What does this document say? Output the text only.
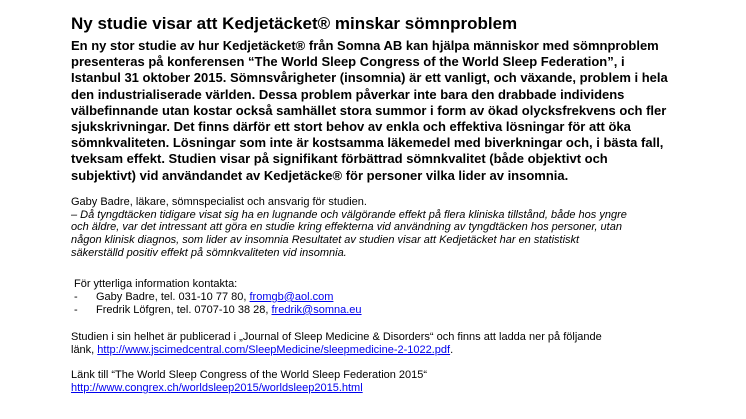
Ny studie visar att Kedjetäcket® minskar sömnproblem
En ny stor studie av hur Kedjetäcket® från Somna AB kan hjälpa människor med sömnproblem
presenteras på konferensen “The World Sleep Congress of the World Sleep Federation”, i
Istanbul 31 oktober 2015. Sömnsvårigheter (insomnia) är ett vanligt, och växande, problem i hela
den industrialiserade världen. Dessa problem påverkar inte bara den drabbade individens
välbefinnande utan kostar också samhället stora summor i form av ökad olycksfrekvens och fler
sjukskrivningar. Det finns därför ett stort behov av enkla och effektiva lösningar för att öka
sömnkvaliteten. Lösningar som inte är kostsamma läkemedel med biverkningar och, i bästa fall,
tveksam effekt. Studien visar på signifikant förbättrad sömnkvalitet (både objektivt och
subjektivt) vid användandet av Kedjetäcke® för personer vilka lider av insomnia.
Gaby Badre, läkare, sömnspecialist och ansvarig för studien.
– Då tyngdtäcken tidigare visat sig ha en lugnande och välgörande effekt på flera kliniska tillstånd, både hos yngre
och äldre, var det intressant att göra en studie kring effekterna vid användning av tyngdtäcken hos personer, utan
någon klinisk diagnos, som lider av insomnia Resultatet av studien visar att Kedjetäcket har en statistiskt
säkerställd positiv effekt på sömnkvaliteten vid insomnia.
För ytterliga information kontakta:
- Gaby Badre, tel. 031-10 77 80, fromgb@aol.com
- Fredrik Löfgren, tel. 0707-10 38 28, fredrik@somna.eu
Studien i sin helhet är publicerad i „Journal of Sleep Medicine & Disorders“ och finns att ladda ner på följande
länk, http://www.jscimedcentral.com/SleepMedicine/sleepmedicine-2-1022.pdf.
Länk till “The World Sleep Congress of the World Sleep Federation 2015“
http://www.congrex.ch/worldsleep2015/worldsleep2015.html
